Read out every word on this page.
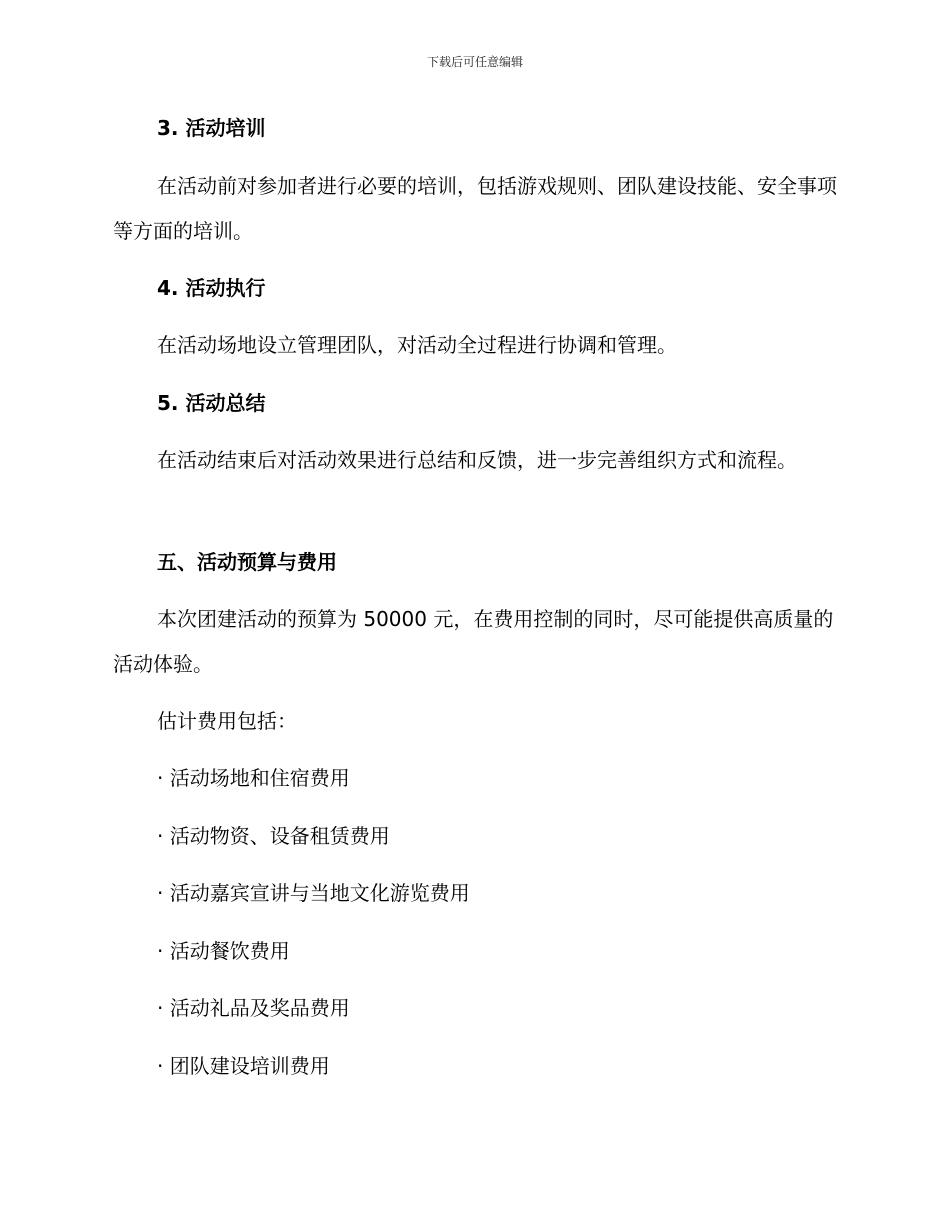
下载后可任意编辑

3. 活动培训

在活动前对参加者进行必要的培训，包括游戏规则、团队建设技能、安全事项等方面的培训。

4. 活动执行

在活动场地设立管理团队，对活动全过程进行协调和管理。

5. 活动总结

在活动结束后对活动效果进行总结和反馈，进一步完善组织方式和流程。

五、活动预算与费用

本次团建活动的预算为 50000 元，在费用控制的同时，尽可能提供高质量的活动体验。

估计费用包括：

· 活动场地和住宿费用

· 活动物资、设备租赁费用

· 活动嘉宾宣讲与当地文化游览费用

· 活动餐饮费用

· 活动礼品及奖品费用

· 团队建设培训费用
